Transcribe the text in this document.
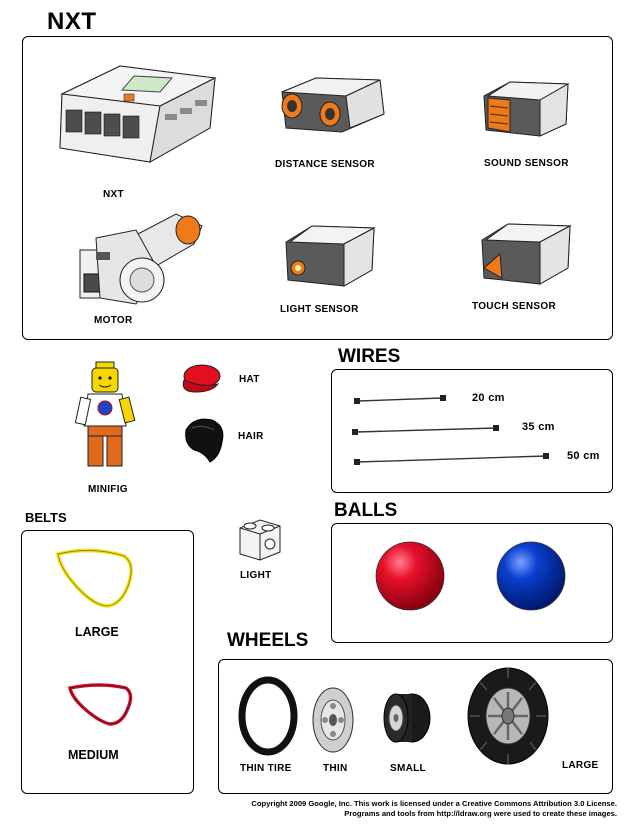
NXT
NXT
DISTANCE SENSOR	SOUND SENSOR
MOTOR
LIGHT SENSOR	TOUCH SENSOR
MINIFIG
HAT
HAIR
LIGHT
WIRES
20 cm
35 cm
50 cm
BELTS
LARGE
MEDIUM
BALLS
WHEELS
THIN TIRE	THIN	SMALL	LARGE
Copyright 2009 Google, Inc. This work is licensed under a Creative Commons Attribution 3.0 License.
Programs and tools from http://ldraw.org were used to create these images.
